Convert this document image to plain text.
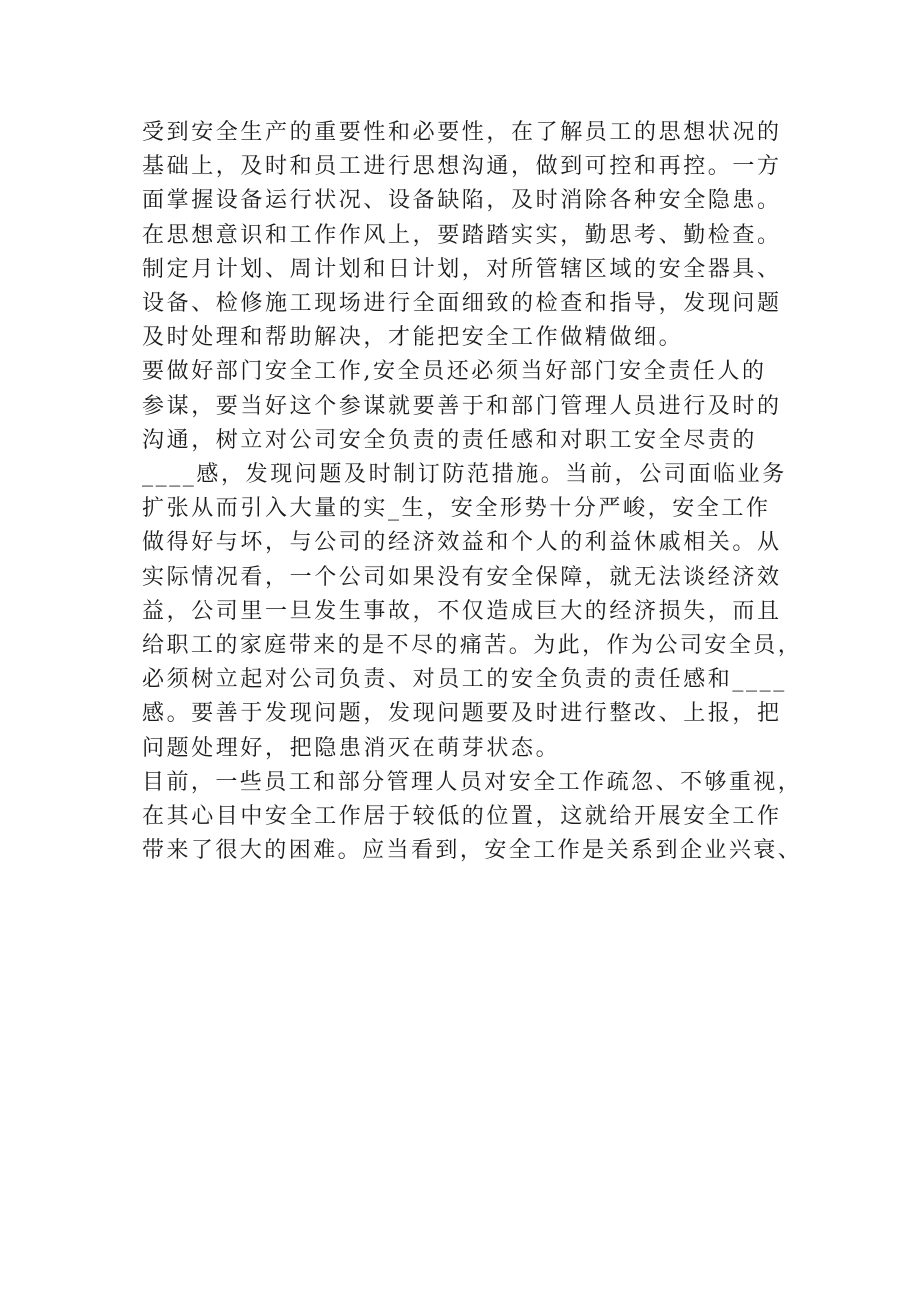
受到安全生产的重要性和必要性，在了解员工的思想状况的

基础上，及时和员工进行思想沟通，做到可控和再控。一方

面掌握设备运行状况、设备缺陷，及时消除各种安全隐患。

在思想意识和工作作风上，要踏踏实实，勤思考、勤检查。

制定月计划、周计划和日计划，对所管辖区域的安全器具、

设备、检修施工现场进行全面细致的检查和指导，发现问题

及时处理和帮助解决，才能把安全工作做精做细。

要做好部门安全工作,安全员还必须当好部门安全责任人的

参谋，要当好这个参谋就要善于和部门管理人员进行及时的

沟通，树立对公司安全负责的责任感和对职工安全尽责的

____感，发现问题及时制订防范措施。当前，公司面临业务

扩张从而引入大量的实_生，安全形势十分严峻，安全工作

做得好与坏，与公司的经济效益和个人的利益休戚相关。从

实际情况看，一个公司如果没有安全保障，就无法谈经济效

益，公司里一旦发生事故，不仅造成巨大的经济损失，而且

给职工的家庭带来的是不尽的痛苦。为此，作为公司安全员，

必须树立起对公司负责、对员工的安全负责的责任感和____

感。要善于发现问题，发现问题要及时进行整改、上报，把

问题处理好，把隐患消灭在萌芽状态。

目前，一些员工和部分管理人员对安全工作疏忽、不够重视，

在其心目中安全工作居于较低的位置，这就给开展安全工作

带来了很大的困难。应当看到，安全工作是关系到企业兴衰、
